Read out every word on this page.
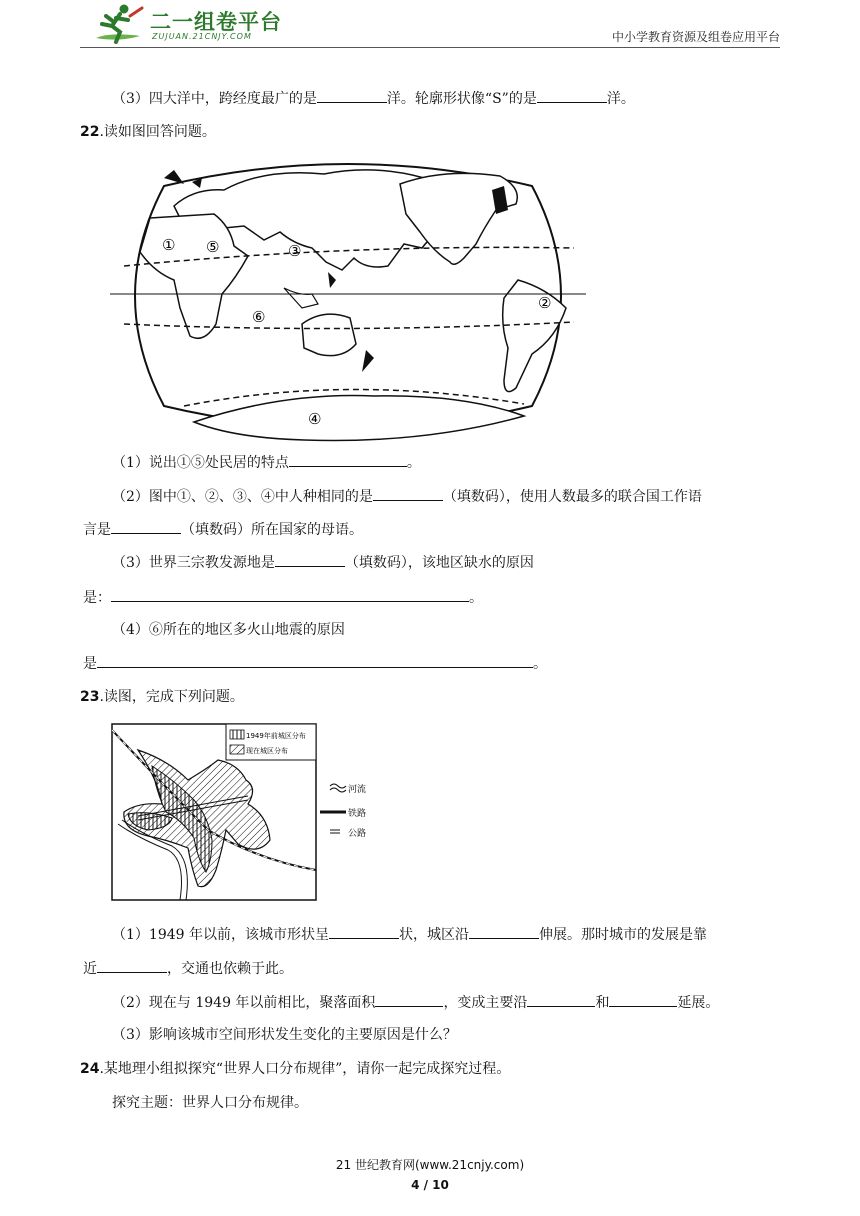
二一组卷平台
ZUJUAN.21CNJY.COM	中小学教育资源及组卷应用平台
（3）四大洋中，跨经度最广的是	洋。轮廓形状像“S”的是	洋。
22.读如图回答问题。
①
②
③
④
⑤
⑥
（1）说出①⑤处民居的特点	。
（2）图中①、②、③、④中人种相同的是	（填数码），使用人数最多的联合国工作语
言是	（填数码）所在国家的母语。
（3）世界三宗教发源地是	（填数码），该地区缺水的原因
是：	。
（4）⑥所在的地区多火山地震的原因
是	。
23.读图，完成下列问题。
1949年前城区分布
现在城区分布
河流
铁路
公路
（1）1949 年以前，该城市形状呈	状，城区沿	伸展。那时城市的发展是靠
近	，交通也依赖于此。
（2）现在与 1949 年以前相比，聚落面积	，变成主要沿	和	延展。
（3）影响该城市空间形状发生变化的主要原因是什么？
24.某地理小组拟探究“世界人口分布规律”，请你一起完成探究过程。
探究主题：世界人口分布规律。
21 世纪教育网(www.21cnjy.com)
4 / 10
